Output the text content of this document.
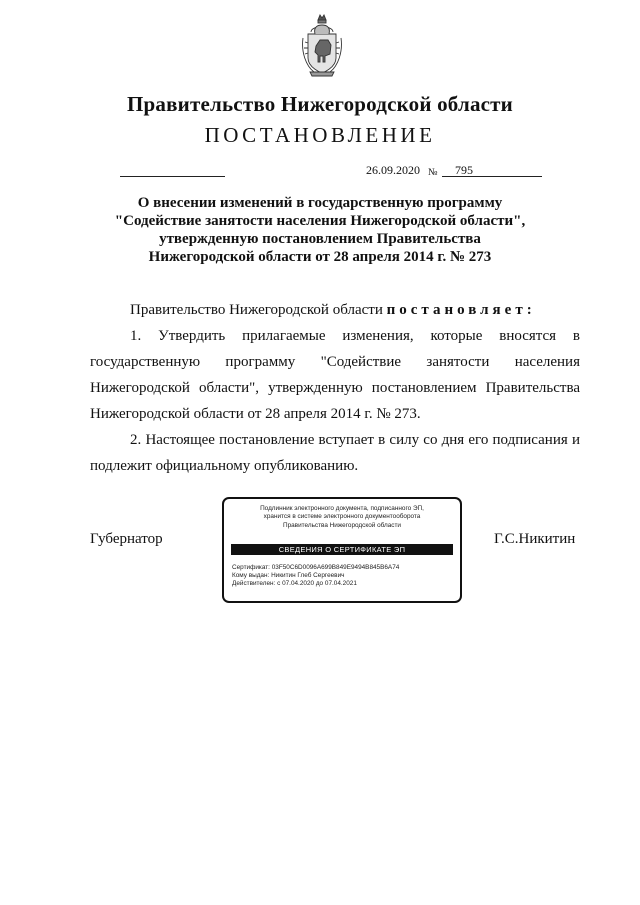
Правительство Нижегородской области
ПОСТАНОВЛЕНИЕ
26.09.2020 № 795
О внесении изменений в государственную программу
"Содействие занятости населения Нижегородской области",
утвержденную постановлением Правительства
Нижегородской области от 28 апреля 2014 г. № 273
Правительство Нижегородской области постановляет:
1. Утвердить прилагаемые изменения, которые вносятся в
государственную программу "Содействие занятости населения
Нижегородской области", утвержденную постановлением Правительства
Нижегородской области от 28 апреля 2014 г. № 273.
2. Настоящее постановление вступает в силу со дня его подписания и подлежит официальному опубликованию.
Губернатор	Г.С.Никитин
Подлинник электронного документа, подписанного ЭП,
хранится в системе электронного документооборота
Правительства Нижегородской области
СВЕДЕНИЯ О СЕРТИФИКАТЕ ЭП
Сертификат: 03F50C6D0096A699B849E9494B845B6A74
Кому выдан: Никитин Глеб Сергеевич
Действителен: с 07.04.2020 до 07.04.2021
